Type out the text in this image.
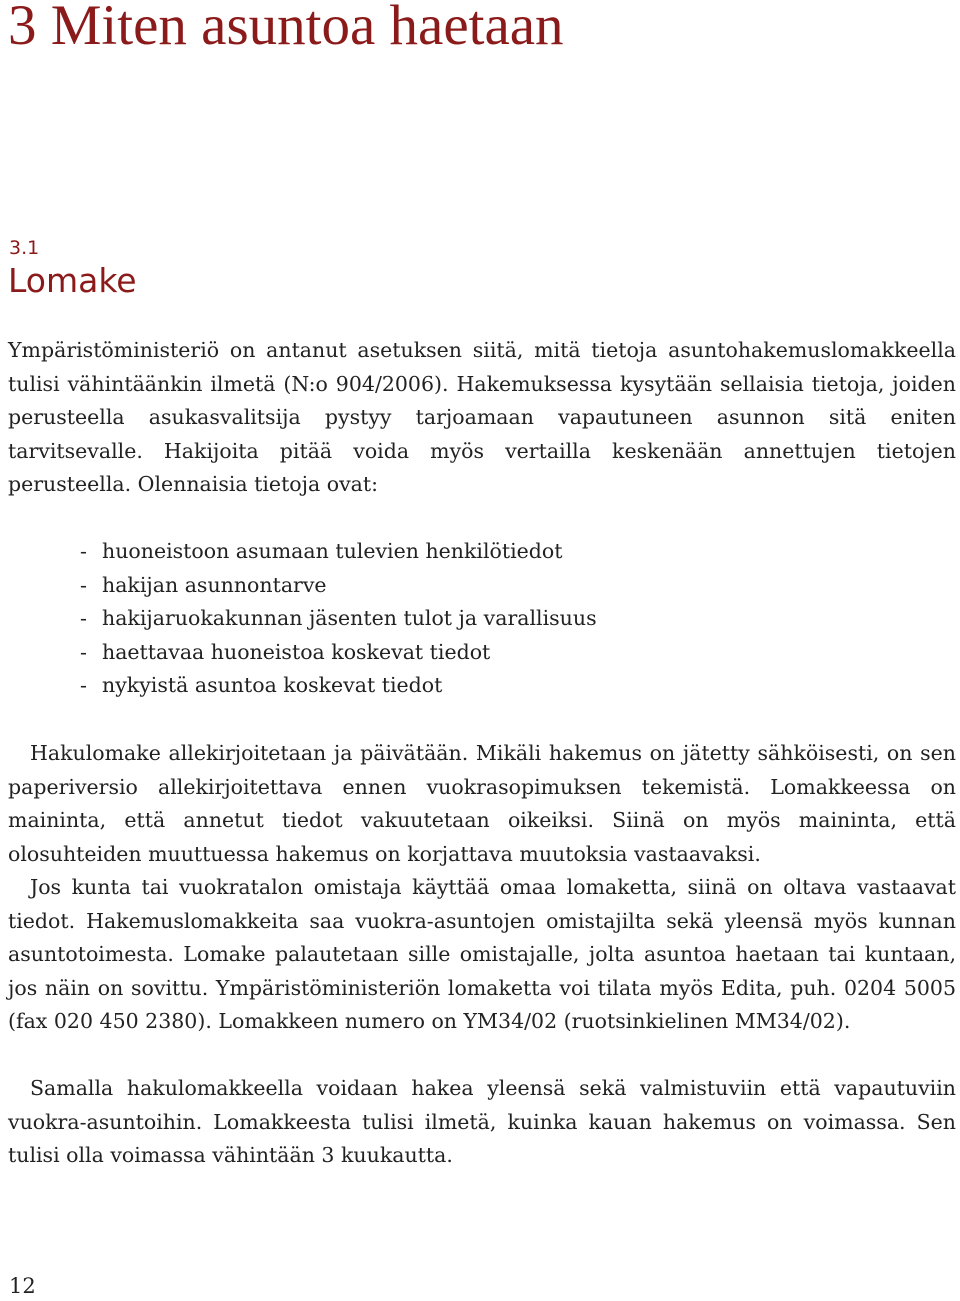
3 Miten asuntoa haetaan
3.1
Lomake

Ympäristöministeriö on antanut asetuksen siitä, mitä tietoja asuntohakemuslomakkeella tulisi vähintäänkin ilmetä (N:o 904/2006). Hakemuksessa kysytään sellaisia tietoja, joiden perusteella asukasvalitsija pystyy tarjoamaan vapautuneen asunnon sitä eniten tarvitsevalle. Hakijoita pitää voida myös vertailla keskenään annettujen tietojen perusteella. Olennaisia tietoja ovat:

- huoneistoon asumaan tulevien henkilötiedot
- hakijan asunnontarve
- hakijaruokakunnan jäsenten tulot ja varallisuus
- haettavaa huoneistoa koskevat tiedot
- nykyistä asuntoa koskevat tiedot

Hakulomake allekirjoitetaan ja päivätään. Mikäli hakemus on jätetty sähköisesti, on sen paperiversio allekirjoitettava ennen vuokrasopimuksen tekemistä. Lomakkeessa on maininta, että annetut tiedot vakuutetaan oikeiksi. Siinä on myös maininta, että olosuhteiden muuttuessa hakemus on korjattava muutoksia vastaavaksi.

Jos kunta tai vuokratalon omistaja käyttää omaa lomaketta, siinä on oltava vastaavat tiedot. Hakemuslomakkeita saa vuokra-asuntojen omistajilta sekä yleensä myös kunnan asuntotoimesta. Lomake palautetaan sille omistajalle, jolta asuntoa haetaan tai kuntaan, jos näin on sovittu. Ympäristöministeriön lomaketta voi tilata myös Edita, puh. 0204 5005 (fax 020 450 2380). Lomakkeen numero on YM34/02 (ruotsinkielinen MM34/02).

Samalla hakulomakkeella voidaan hakea yleensä sekä valmistuviin että vapautuviin vuokra-asuntoihin. Lomakkeesta tulisi ilmetä, kuinka kauan hakemus on voimassa. Sen tulisi olla voimassa vähintään 3 kuukautta.

12
